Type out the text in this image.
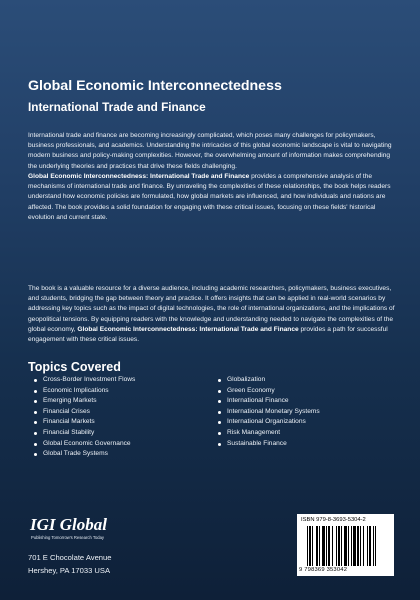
Global Economic Interconnectedness
International Trade and Finance
International trade and finance are becoming increasingly complicated, which poses many challenges for policymakers, business professionals, and academics. Understanding the intricacies of this global economic landscape is vital to navigating modern business and policy-making complexities. However, the overwhelming amount of information makes comprehending the underlying theories and practices that drive these fields challenging.
Global Economic Interconnectedness: International Trade and Finance provides a comprehensive analysis of the mechanisms of international trade and finance. By unraveling the complexities of these relationships, the book helps readers understand how economic policies are formulated, how global markets are influenced, and how individuals and nations are affected. The book provides a solid foundation for engaging with these critical issues, focusing on these fields' historical evolution and current state.
The book is a valuable resource for a diverse audience, including academic researchers, policymakers, business executives, and students, bridging the gap between theory and practice. It offers insights that can be applied in real-world scenarios by addressing key topics such as the impact of digital technologies, the role of international organizations, and the implications of geopolitical tensions. By equipping readers with the knowledge and understanding needed to navigate the complexities of the global economy, Global Economic Interconnectedness: International Trade and Finance provides a path for successful engagement with these critical issues.
Topics Covered
Cross-Border Investment Flows
Economic Implications
Emerging Markets
Financial Crises
Financial Markets
Financial Stability
Global Economic Governance
Global Trade Systems
Globalization
Green Economy
International Finance
International Monetary Systems
International Organizations
Risk Management
Sustainable Finance
IGI Global
Publishing Tomorrow's Research Today
701 E Chocolate Avenue
Hershey, PA 17033 USA
ISBN 979-8-3693-5304-2
9 798369 353042
